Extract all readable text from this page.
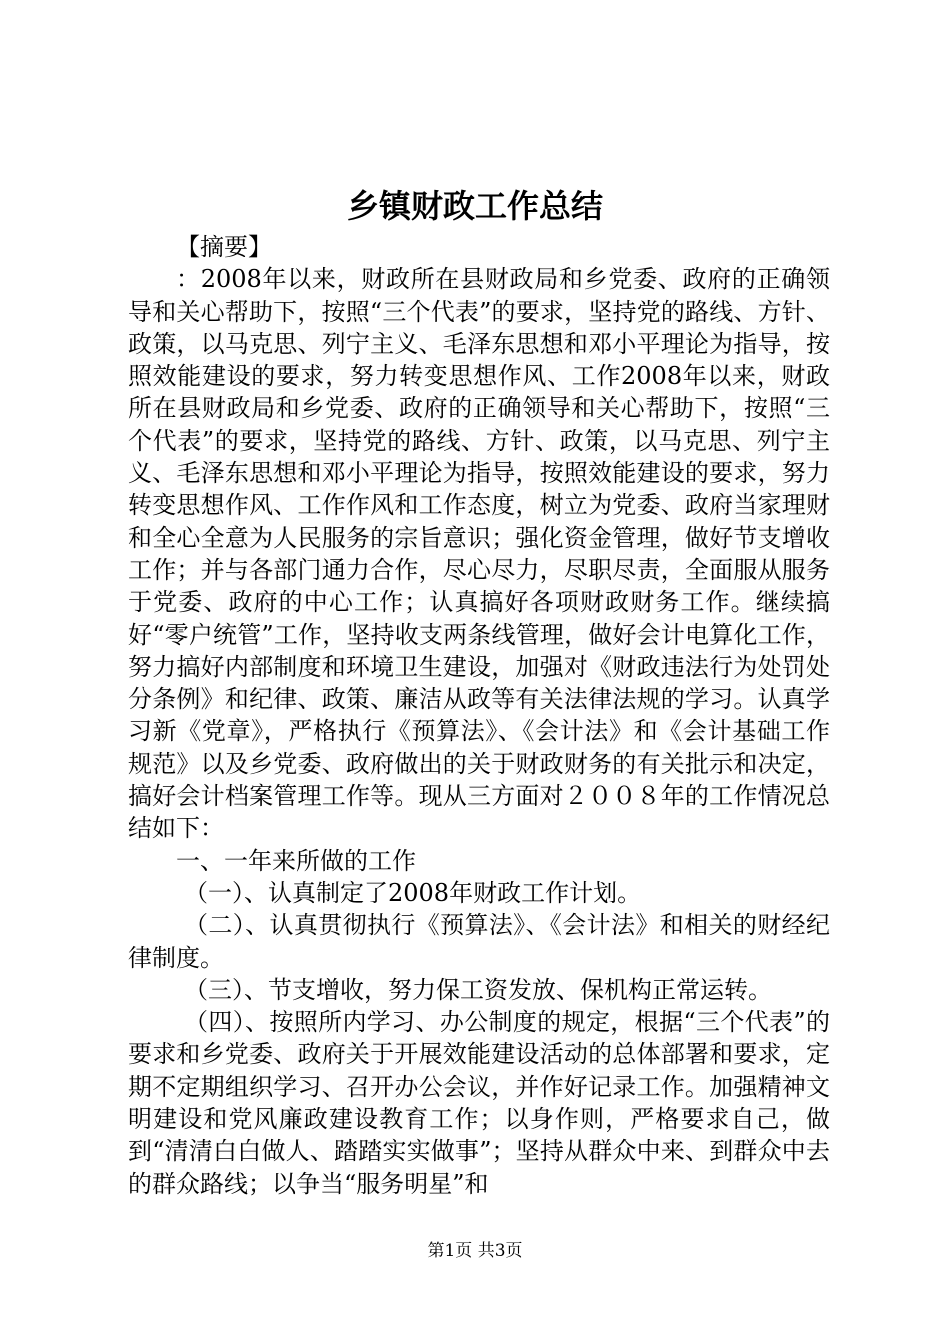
乡镇财政工作总结

【摘要】

：2008年以来，财政所在县财政局和乡党委、政府的正确领导和关心帮助下，按照“三个代表”的要求，坚持党的路线、方针、政策，以马克思、列宁主义、毛泽东思想和邓小平理论为指导，按照效能建设的要求，努力转变思想作风、工作2008年以来，财政所在县财政局和乡党委、政府的正确领导和关心帮助下，按照“三个代表”的要求，坚持党的路线、方针、政策，以马克思、列宁主义、毛泽东思想和邓小平理论为指导，按照效能建设的要求，努力转变思想作风、工作作风和工作态度，树立为党委、政府当家理财和全心全意为人民服务的宗旨意识；强化资金管理，做好节支增收工作；并与各部门通力合作，尽心尽力，尽职尽责，全面服从服务于党委、政府的中心工作；认真搞好各项财政财务工作。继续搞好“零户统管”工作，坚持收支两条线管理，做好会计电算化工作，努力搞好内部制度和环境卫生建设，加强对《财政违法行为处罚处分条例》和纪律、政策、廉洁从政等有关法律法规的学习。认真学习新《党章》，严格执行《预算法》、《会计法》和《会计基础工作规范》以及乡党委、政府做出的关于财政财务的有关批示和决定，搞好会计档案管理工作等。现从三方面对２００８年的工作情况总结如下：

一、一年来所做的工作

（一）、认真制定了2008年财政工作计划。

（二）、认真贯彻执行《预算法》、《会计法》和相关的财经纪律制度。

（三）、节支增收，努力保工资发放、保机构正常运转。

（四）、按照所内学习、办公制度的规定，根据“三个代表”的要求和乡党委、政府关于开展效能建设活动的总体部署和要求，定期不定期组织学习、召开办公会议，并作好记录工作。加强精神文明建设和党风廉政建设教育工作；以身作则，严格要求自己，做到“清清白白做人、踏踏实实做事”；坚持从群众中来、到群众中去的群众路线；以争当“服务明星”和

第1页 共3页
